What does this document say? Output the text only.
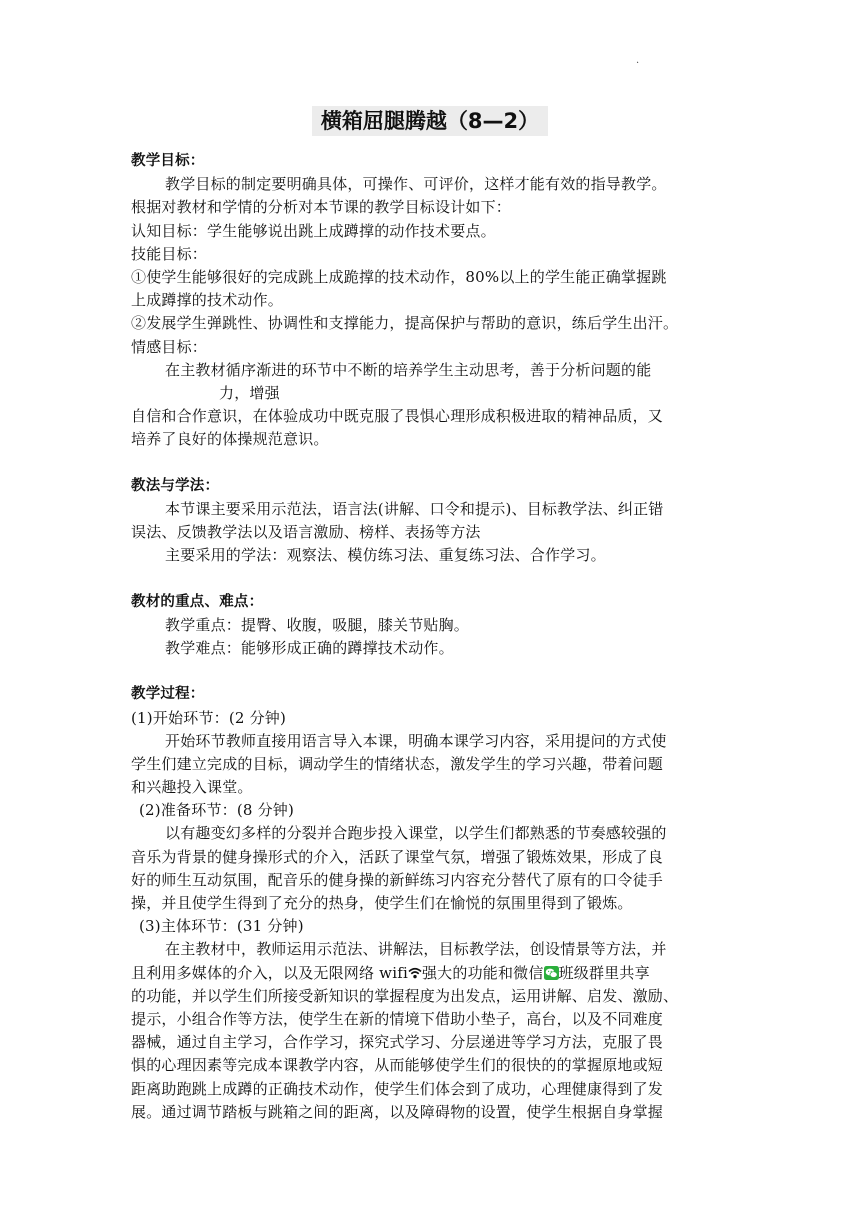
·
横箱屈腿腾越（8—2）
教学目标：
教学目标的制定要明确具体，可操作、可评价，这样才能有效的指导教学。
根据对教材和学情的分析对本节课的教学目标设计如下：
认知目标：学生能够说出跳上成蹲撑的动作技术要点。
技能目标：
①使学生能够很好的完成跳上成跪撑的技术动作，80%以上的学生能正确掌握跳
上成蹲撑的技术动作。
②发展学生弹跳性、协调性和支撑能力，提高保护与帮助的意识，练后学生出汗。
情感目标：
在主教材循序渐进的环节中不断的培养学生主动思考，善于分析问题的能
力，增强
自信和合作意识，在体验成功中既克服了畏惧心理形成积极进取的精神品质，又
培养了良好的体操规范意识。
教法与学法：
本节课主要采用示范法，语言法(讲解、口令和提示)、目标教学法、纠正错
误法、反馈教学法以及语言激励、榜样、表扬等方法
主要采用的学法：观察法、模仿练习法、重复练习法、合作学习。
教材的重点、难点：
教学重点：提臀、收腹，吸腿，膝关节贴胸。
教学难点：能够形成正确的蹲撑技术动作。
教学过程：
(1)开始环节：(2 分钟)
开始环节教师直接用语言导入本课，明确本课学习内容，采用提问的方式使
学生们建立完成的目标，调动学生的情绪状态，激发学生的学习兴趣，带着问题
和兴趣投入课堂。
(2)准备环节：(8 分钟)
以有趣变幻多样的分裂并合跑步投入课堂，以学生们都熟悉的节奏感较强的
音乐为背景的健身操形式的介入，活跃了课堂气氛，增强了锻炼效果，形成了良
好的师生互动氛围，配音乐的健身操的新鲜练习内容充分替代了原有的口令徒手
操，并且使学生得到了充分的热身，使学生们在愉悦的氛围里得到了锻炼。
(3)主体环节：(31 分钟)
在主教材中，教师运用示范法、讲解法，目标教学法，创设情景等方法，并
且利用多媒体的介入，以及无限网络 wifi 强大的功能和微信 班级群里共享
的功能，并以学生们所接受新知识的掌握程度为出发点，运用讲解、启发、激励、
提示，小组合作等方法，使学生在新的情境下借助小垫子，高台，以及不同难度
器械，通过自主学习，合作学习，探究式学习、分层递进等学习方法，克服了畏
惧的心理因素等完成本课教学内容，从而能够使学生们的很快的的掌握原地或短
距离助跑跳上成蹲的正确技术动作，使学生们体会到了成功，心理健康得到了发
展。通过调节踏板与跳箱之间的距离，以及障碍物的设置，使学生根据自身掌握
